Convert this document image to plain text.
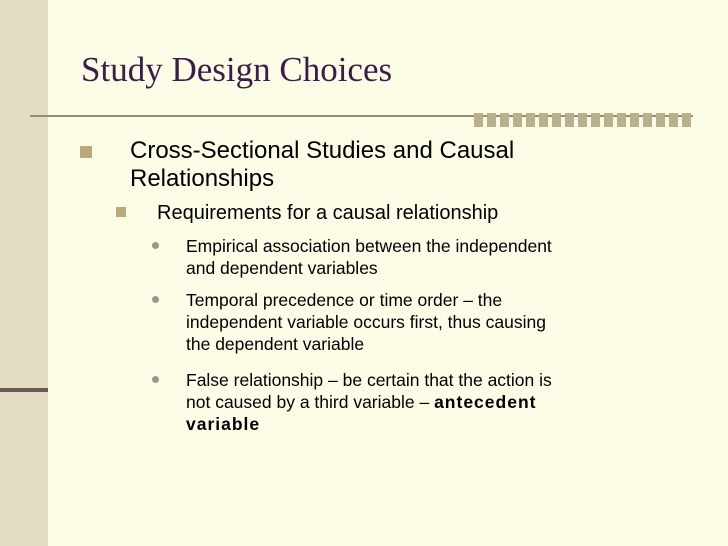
Study Design Choices
Cross-Sectional Studies and Causal
Relationships
Requirements for a causal relationship
Empirical association between the independent
and dependent variables
Temporal precedence or time order – the
independent variable occurs first, thus causing
the dependent variable
False relationship – be certain that the action is
not caused by a third variable – antecedent
variable
